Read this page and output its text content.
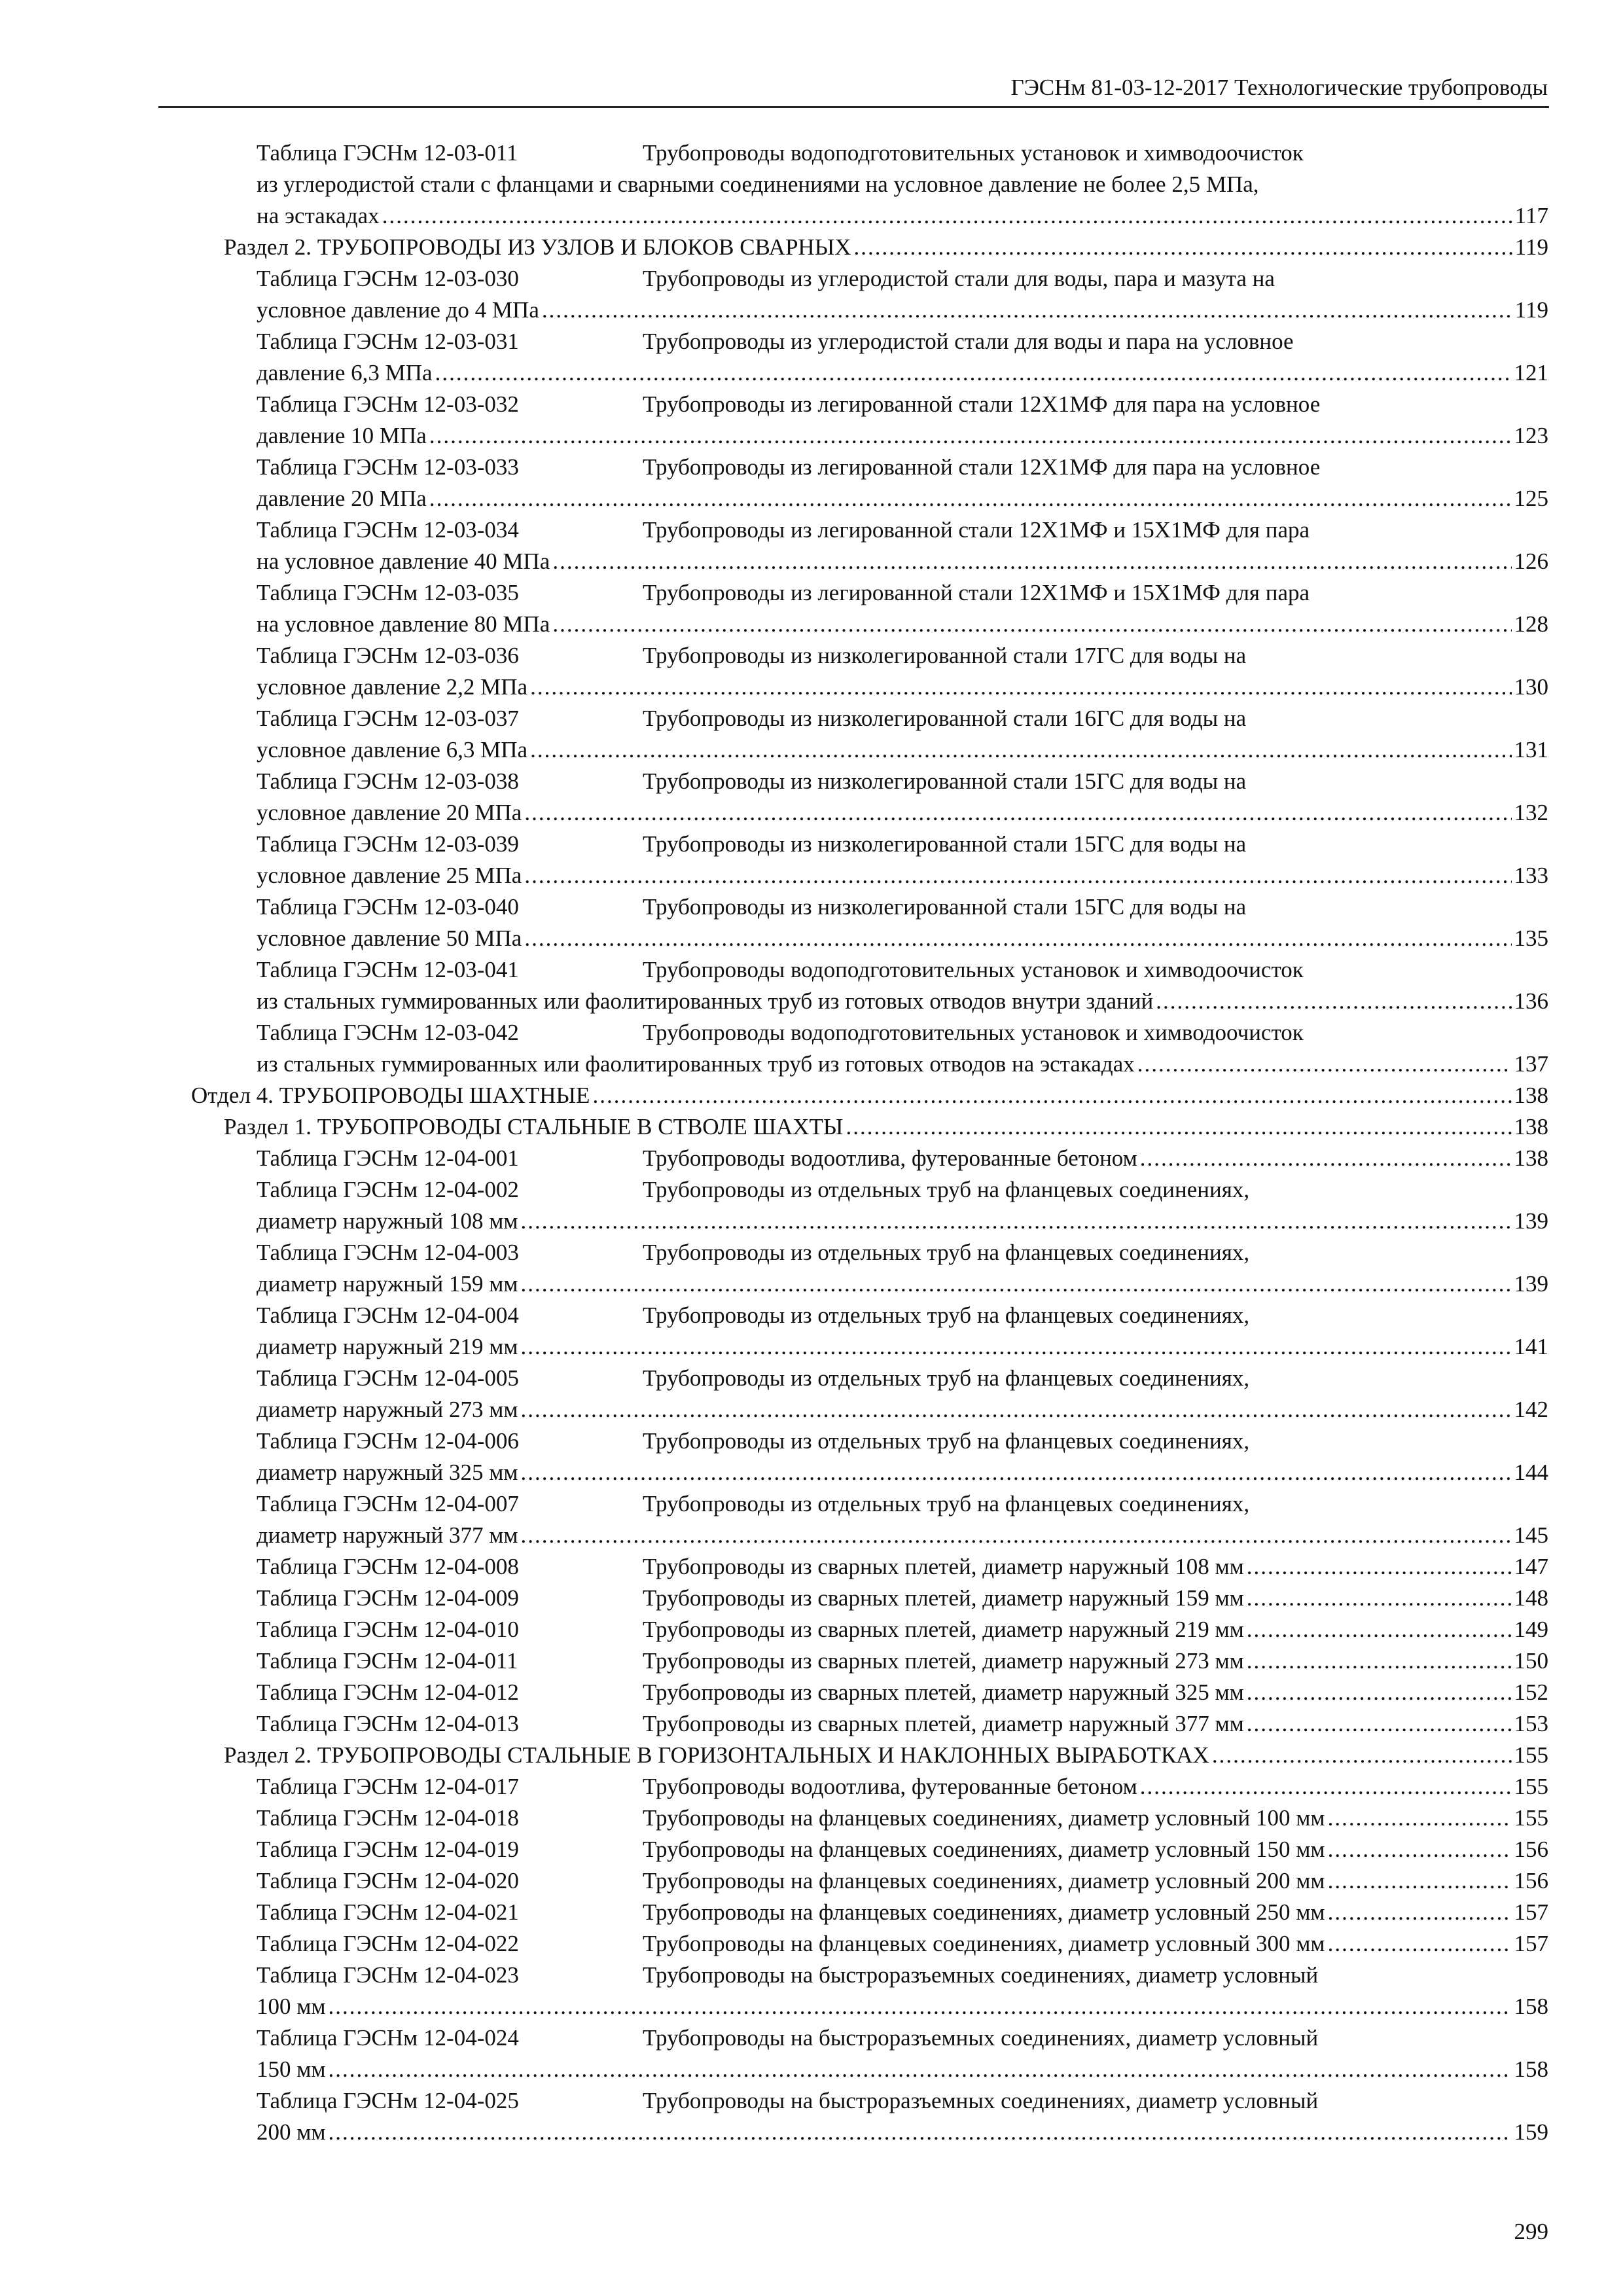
ГЭСНм 81-03-12-2017 Технологические трубопроводы
Таблица ГЭСНм 12-03-011	Трубопроводы водоподготовительных установок и химводоочисток
из углеродистой стали с фланцами и сварными соединениями на условное давление не более 2,5 МПа,
на эстакадах .....	117
Раздел 2. ТРУБОПРОВОДЫ ИЗ УЗЛОВ И БЛОКОВ СВАРНЫХ .....	119
Таблица ГЭСНм 12-03-030	Трубопроводы из углеродистой стали для воды, пара и мазута на
условное давление до 4 МПа .....	119
Таблица ГЭСНм 12-03-031	Трубопроводы из углеродистой стали для воды и пара на условное
давление 6,3 МПа .....	121
Таблица ГЭСНм 12-03-032	Трубопроводы из легированной стали 12Х1МФ для пара на условное
давление 10 МПа .....	123
Таблица ГЭСНм 12-03-033	Трубопроводы из легированной стали 12Х1МФ для пара на условное
давление 20 МПа .....	125
Таблица ГЭСНм 12-03-034	Трубопроводы из легированной стали 12Х1МФ и 15Х1МФ для пара
на условное давление 40 МПа .....	126
Таблица ГЭСНм 12-03-035	Трубопроводы из легированной стали 12Х1МФ и 15Х1МФ для пара
на условное давление 80 МПа .....	128
Таблица ГЭСНм 12-03-036	Трубопроводы из низколегированной стали 17ГС для воды на
условное давление 2,2 МПа .....	130
Таблица ГЭСНм 12-03-037	Трубопроводы из низколегированной стали 16ГС для воды на
условное давление 6,3 МПа .....	131
Таблица ГЭСНм 12-03-038	Трубопроводы из низколегированной стали 15ГС для воды на
условное давление 20 МПа .....	132
Таблица ГЭСНм 12-03-039	Трубопроводы из низколегированной стали 15ГС для воды на
условное давление 25 МПа .....	133
Таблица ГЭСНм 12-03-040	Трубопроводы из низколегированной стали 15ГС для воды на
условное давление 50 МПа .....	135
Таблица ГЭСНм 12-03-041	Трубопроводы водоподготовительных установок и химводоочисток
из стальных гуммированных или фаолитированных труб из готовых отводов внутри зданий .....	136
Таблица ГЭСНм 12-03-042	Трубопроводы водоподготовительных установок и химводоочисток
из стальных гуммированных или фаолитированных труб из готовых отводов на эстакадах .....	137
Отдел 4. ТРУБОПРОВОДЫ ШАХТНЫЕ .....	138
Раздел 1. ТРУБОПРОВОДЫ СТАЛЬНЫЕ В СТВОЛЕ ШАХТЫ .....	138
Таблица ГЭСНм 12-04-001	Трубопроводы водоотлива, футерованные бетоном .....	138
Таблица ГЭСНм 12-04-002	Трубопроводы из отдельных труб на фланцевых соединениях,
диаметр наружный 108 мм .....	139
Таблица ГЭСНм 12-04-003	Трубопроводы из отдельных труб на фланцевых соединениях,
диаметр наружный 159 мм .....	139
Таблица ГЭСНм 12-04-004	Трубопроводы из отдельных труб на фланцевых соединениях,
диаметр наружный 219 мм .....	141
Таблица ГЭСНм 12-04-005	Трубопроводы из отдельных труб на фланцевых соединениях,
диаметр наружный 273 мм .....	142
Таблица ГЭСНм 12-04-006	Трубопроводы из отдельных труб на фланцевых соединениях,
диаметр наружный 325 мм .....	144
Таблица ГЭСНм 12-04-007	Трубопроводы из отдельных труб на фланцевых соединениях,
диаметр наружный 377 мм .....	145
Таблица ГЭСНм 12-04-008	Трубопроводы из сварных плетей, диаметр наружный 108 мм .....	147
Таблица ГЭСНм 12-04-009	Трубопроводы из сварных плетей, диаметр наружный 159 мм .....	148
Таблица ГЭСНм 12-04-010	Трубопроводы из сварных плетей, диаметр наружный 219 мм .....	149
Таблица ГЭСНм 12-04-011	Трубопроводы из сварных плетей, диаметр наружный 273 мм .....	150
Таблица ГЭСНм 12-04-012	Трубопроводы из сварных плетей, диаметр наружный 325 мм .....	152
Таблица ГЭСНм 12-04-013	Трубопроводы из сварных плетей, диаметр наружный 377 мм .....	153
Раздел 2. ТРУБОПРОВОДЫ СТАЛЬНЫЕ В ГОРИЗОНТАЛЬНЫХ И НАКЛОННЫХ ВЫРАБОТКАХ .....	155
Таблица ГЭСНм 12-04-017	Трубопроводы водоотлива, футерованные бетоном .....	155
Таблица ГЭСНм 12-04-018	Трубопроводы на фланцевых соединениях, диаметр условный 100 мм .....	155
Таблица ГЭСНм 12-04-019	Трубопроводы на фланцевых соединениях, диаметр условный 150 мм .....	156
Таблица ГЭСНм 12-04-020	Трубопроводы на фланцевых соединениях, диаметр условный 200 мм .....	156
Таблица ГЭСНм 12-04-021	Трубопроводы на фланцевых соединениях, диаметр условный 250 мм .....	157
Таблица ГЭСНм 12-04-022	Трубопроводы на фланцевых соединениях, диаметр условный 300 мм .....	157
Таблица ГЭСНм 12-04-023	Трубопроводы на быстроразъемных соединениях, диаметр условный
100 мм .....	158
Таблица ГЭСНм 12-04-024	Трубопроводы на быстроразъемных соединениях, диаметр условный
150 мм .....	158
Таблица ГЭСНм 12-04-025	Трубопроводы на быстроразъемных соединениях, диаметр условный
200 мм .....	159
299
